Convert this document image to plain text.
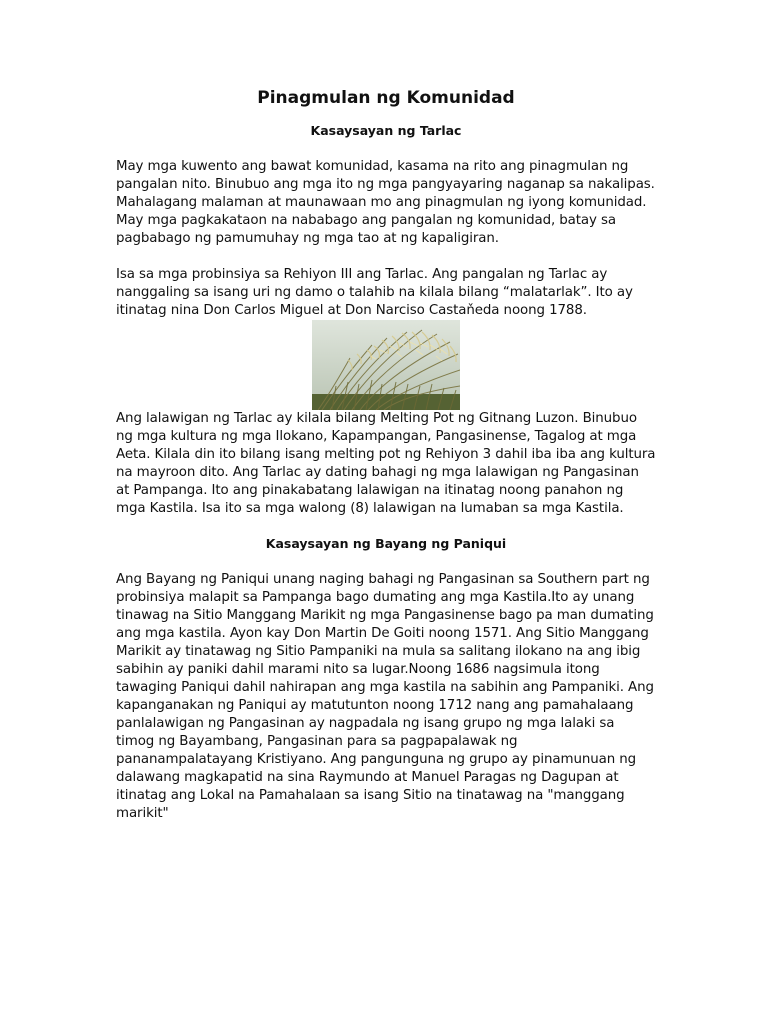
Pinagmulan ng Komunidad
Kasaysayan ng Tarlac

May mga kuwento ang bawat komunidad, kasama na rito ang pinagmulan ng pangalan nito. Binubuo ang mga ito ng mga pangyayaring naganap sa nakalipas. Mahalagang malaman at maunawaan mo ang pinagmulan ng iyong komunidad. May mga pagkakataon na nababago ang pangalan ng komunidad, batay sa pagbabago ng pamumuhay ng mga tao at ng kapaligiran.

Isa sa mga probinsiya sa Rehiyon III ang Tarlac. Ang pangalan ng Tarlac ay nanggaling sa isang uri ng damo o talahib na kilala bilang “malatarlak”. Ito ay itinatag nina Don Carlos Miguel at Don Narciso Castaňeda noong 1788.

Ang lalawigan ng Tarlac ay kilala bilang Melting Pot ng Gitnang Luzon. Binubuo ng mga kultura ng mga Ilokano, Kapampangan, Pangasinense, Tagalog at mga Aeta. Kilala din ito bilang isang melting pot ng Rehiyon 3 dahil iba iba ang kultura na mayroon dito. Ang Tarlac ay dating bahagi ng mga lalawigan ng Pangasinan at Pampanga. Ito ang pinakabatang lalawigan na itinatag noong panahon ng mga Kastila. Isa ito sa mga walong (8) lalawigan na lumaban sa mga Kastila.

Kasaysayan ng Bayang ng Paniqui

Ang Bayang ng Paniqui unang naging bahagi ng Pangasinan sa Southern part ng probinsiya malapit sa Pampanga bago dumating ang mga Kastila.Ito ay unang tinawag na Sitio Manggang Marikit ng mga Pangasinense bago pa man dumating ang mga kastila. Ayon kay Don Martin De Goiti noong 1571. Ang Sitio Manggang Marikit ay tinatawag ng Sitio Pampaniki na mula sa salitang ilokano na ang ibig sabihin ay paniki dahil marami nito sa lugar.Noong 1686 nagsimula itong tawaging Paniqui dahil nahirapan ang mga kastila na sabihin ang Pampaniki. Ang kapanganakan ng Paniqui ay matutunton noong 1712 nang ang pamahalaang panlalawigan ng Pangasinan ay nagpadala ng isang grupo ng mga lalaki sa timog ng Bayambang, Pangasinan para sa pagpapalawak ng pananampalatayang Kristiyano. Ang pangunguna ng grupo ay pinamunuan ng dalawang magkapatid na sina Raymundo at Manuel Paragas ng Dagupan at itinatag ang Lokal na Pamahalaan sa isang Sitio na tinatawag na "manggang marikit"
